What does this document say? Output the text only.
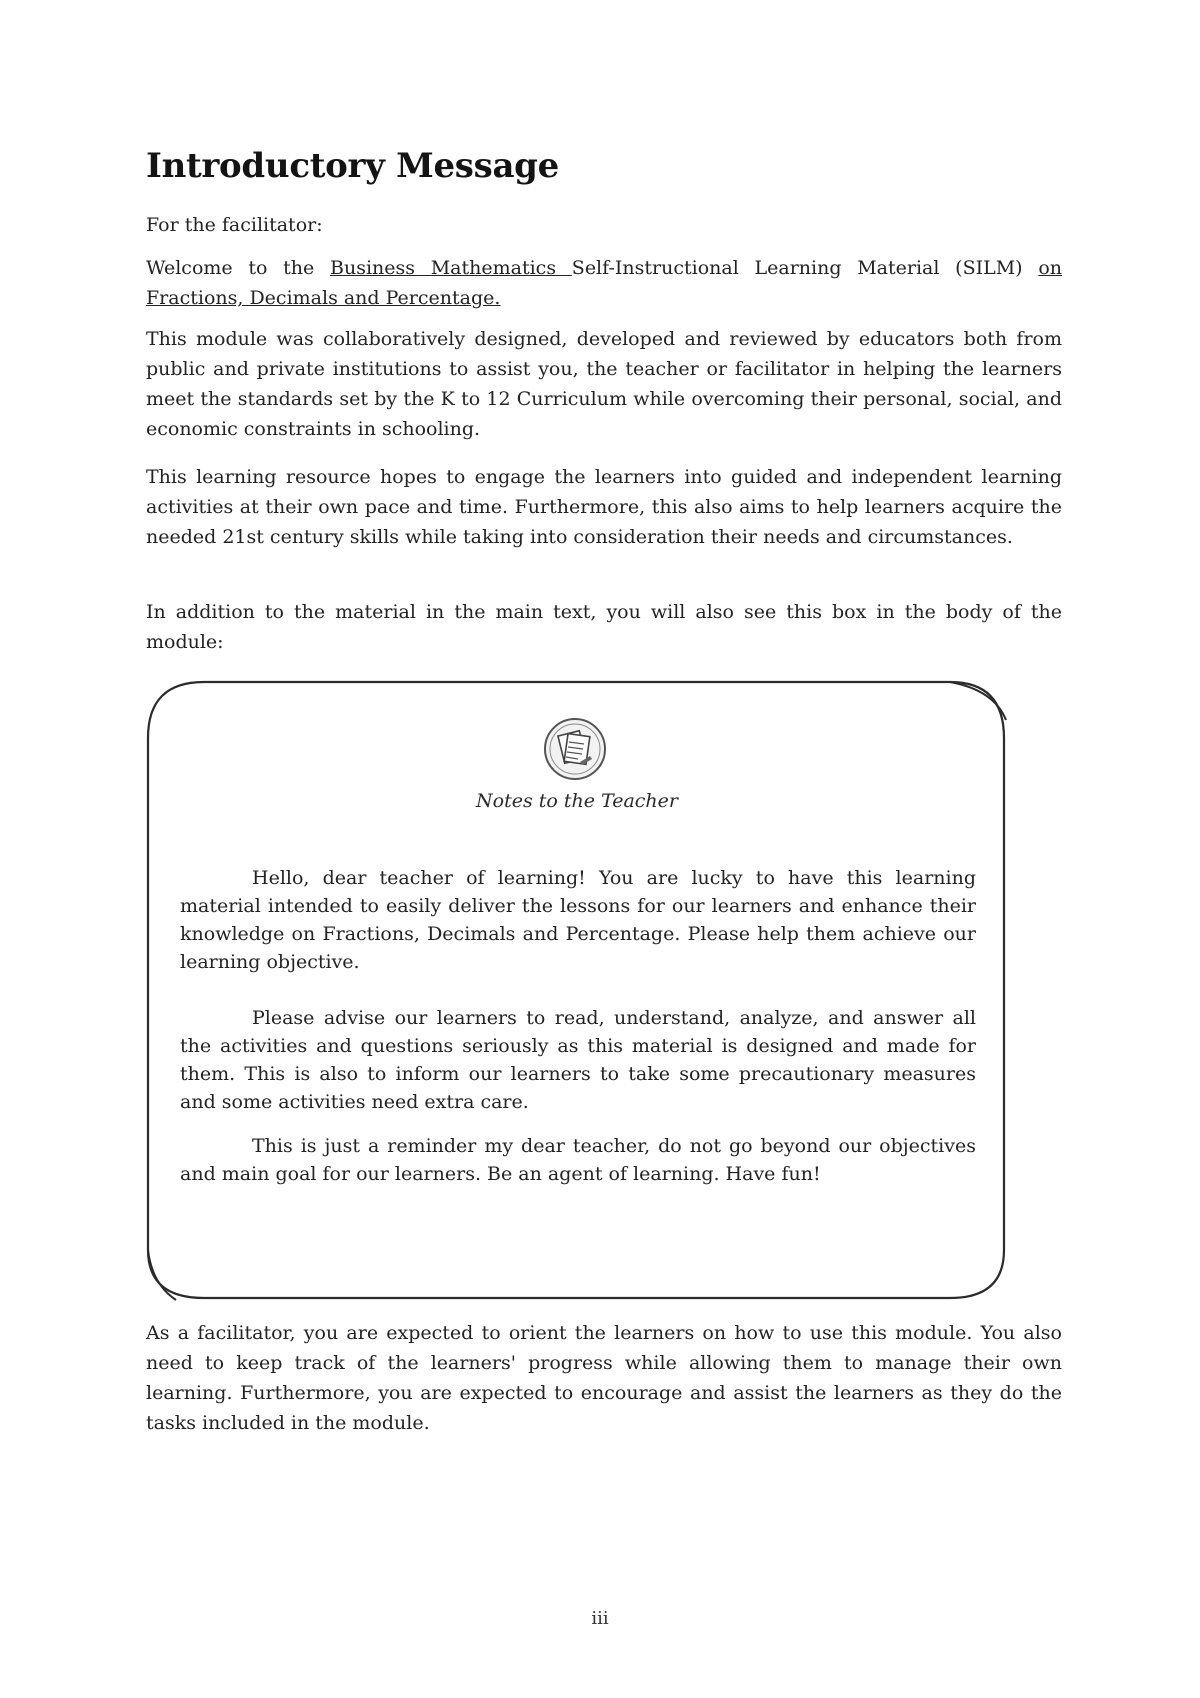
Introductory Message

For the facilitator:

Welcome to the Business Mathematics Self-Instructional Learning Material (SILM) on Fractions, Decimals and Percentage.

This module was collaboratively designed, developed and reviewed by educators both from public and private institutions to assist you, the teacher or facilitator in helping the learners meet the standards set by the K to 12 Curriculum while overcoming their personal, social, and economic constraints in schooling.

This learning resource hopes to engage the learners into guided and independent learning activities at their own pace and time. Furthermore, this also aims to help learners acquire the needed 21st century skills while taking into consideration their needs and circumstances.

In addition to the material in the main text, you will also see this box in the body of the module:

Notes to the Teacher

Hello, dear teacher of learning! You are lucky to have this learning material intended to easily deliver the lessons for our learners and enhance their knowledge on Fractions, Decimals and Percentage. Please help them achieve our learning objective.

Please advise our learners to read, understand, analyze, and answer all the activities and questions seriously as this material is designed and made for them. This is also to inform our learners to take some precautionary measures and some activities need extra care.

This is just a reminder my dear teacher, do not go beyond our objectives and main goal for our learners. Be an agent of learning. Have fun!

As a facilitator, you are expected to orient the learners on how to use this module. You also need to keep track of the learners' progress while allowing them to manage their own learning. Furthermore, you are expected to encourage and assist the learners as they do the tasks included in the module.

iii
